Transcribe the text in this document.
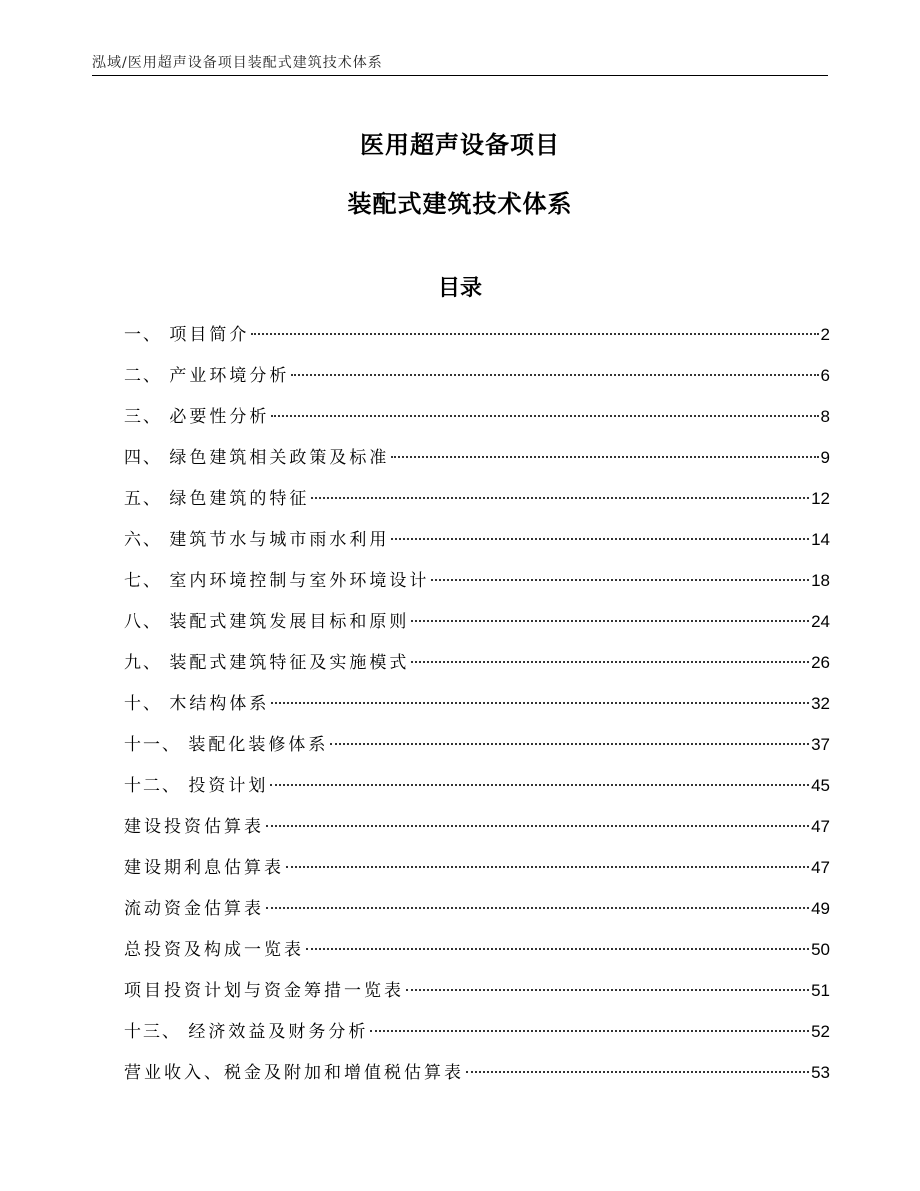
泓域/医用超声设备项目装配式建筑技术体系
医用超声设备项目
装配式建筑技术体系
目录
一、 项目简介	2
二、 产业环境分析	6
三、 必要性分析	8
四、 绿色建筑相关政策及标准	9
五、 绿色建筑的特征	12
六、 建筑节水与城市雨水利用	14
七、 室内环境控制与室外环境设计	18
八、 装配式建筑发展目标和原则	24
九、 装配式建筑特征及实施模式	26
十、 木结构体系	32
十一、 装配化装修体系	37
十二、 投资计划	45
建设投资估算表	47
建设期利息估算表	47
流动资金估算表	49
总投资及构成一览表	50
项目投资计划与资金筹措一览表	51
十三、 经济效益及财务分析	52
营业收入、税金及附加和增值税估算表	53
